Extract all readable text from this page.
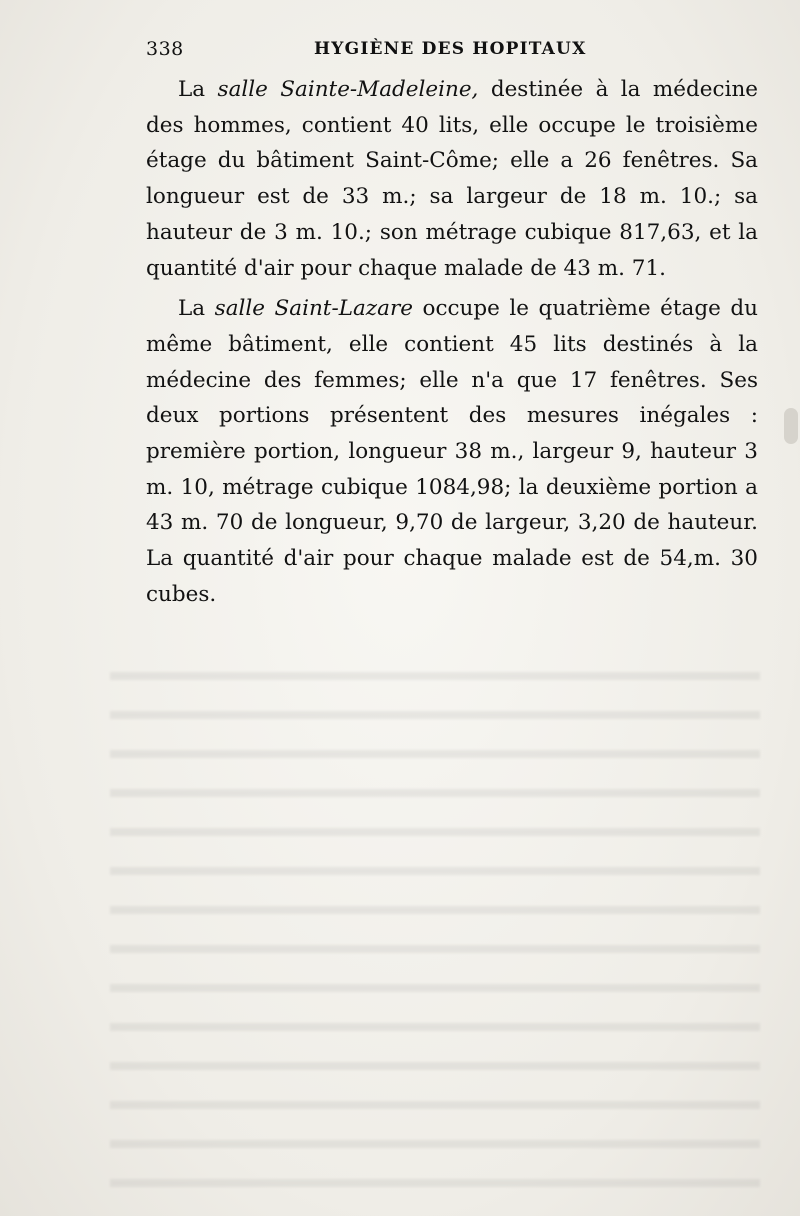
338	HYGIÈNE DES HOPITAUX

La salle Sainte-Madeleine, destinée à la médecine des hommes, contient 40 lits, elle occupe le troisième étage du bâtiment Saint-Côme; elle a 26 fenêtres. Sa longueur est de 33 m.; sa largeur de 18 m. 10.; sa hauteur de 3 m. 10.; son métrage cubique 817,63, et la quantité d'air pour chaque malade de 43 m. 71.

La salle Saint-Lazare occupe le quatrième étage du même bâtiment, elle contient 45 lits destinés à la médecine des femmes; elle n'a que 17 fenêtres. Ses deux portions présentent des mesures inégales : première portion, longueur 38 m., largeur 9, hauteur 3 m. 10, métrage cubique 1084,98; la deuxième portion a 43 m. 70 de longueur, 9,70 de largeur, 3,20 de hauteur. La quantité d'air pour chaque malade est de 54,m. 30 cubes.
